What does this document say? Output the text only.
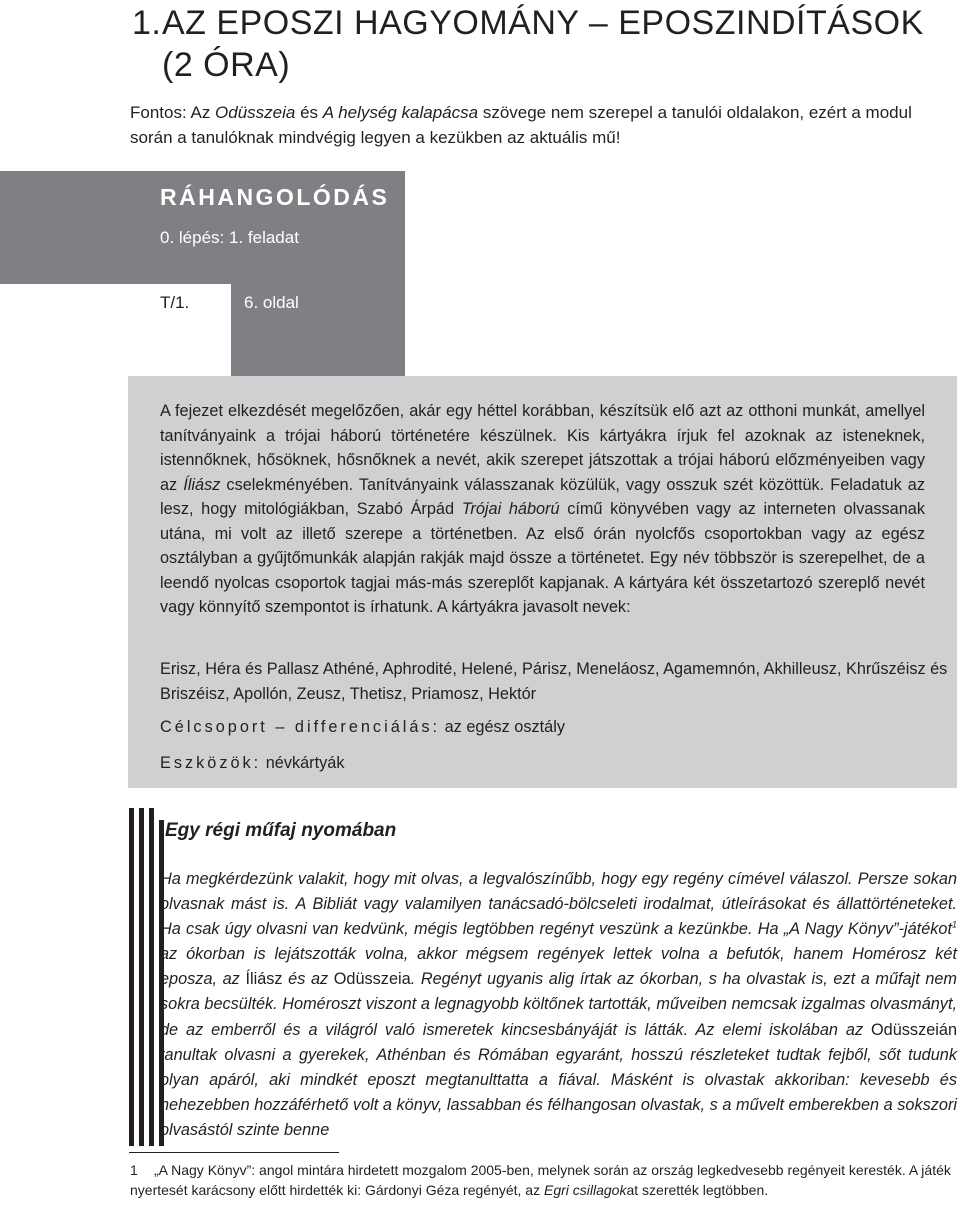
1.AZ EPOSZI HAGYOMÁNY – EPOSZINDÍTÁSOK
(2 ÓRA)

Fontos: Az Odüsszeia és A helység kalapácsa szövege nem szerepel a tanulói oldalakon, ezért a modul során a tanulóknak mindvégig legyen a kezükben az aktuális mű!

RÁHANGOLÓDÁS
0. lépés: 1. feladat
T/1.	6. oldal

A fejezet elkezdését megelőzően, akár egy héttel korábban, készítsük elő azt az otthoni munkát, amellyel tanítványaink a trójai háború történetére készülnek. Kis kártyákra írjuk fel azoknak az isteneknek, istennőknek, hősöknek, hősnőknek a nevét, akik szerepet játszottak a trójai háború előzményeiben vagy az Íliász cselekményében. Tanítványaink válasszanak közülük, vagy osszuk szét közöttük. Feladatuk az lesz, hogy mitológiákban, Szabó Árpád Trójai háború című könyvében vagy az interneten olvassanak utána, mi volt az illető szerepe a történetben. Az első órán nyolcfős csoportokban vagy az egész osztályban a gyűjtőmunkák alapján rakják majd össze a történetet. Egy név többször is szerepelhet, de a leendő nyolcas csoportok tagjai más-más szereplőt kapjanak. A kártyára két összetartozó szereplő nevét vagy könnyítő szempontot is írhatunk. A kártyákra javasolt nevek:

Erisz, Héra és Pallasz Athéné, Aphrodité, Helené, Párisz, Meneláosz, Agamemnón, Akhilleusz, Khrűszéisz és Briszéisz, Apollón, Zeusz, Thetisz, Priamosz, Hektór

Célcsoport – differenciálás: az egész osztály
Eszközök: névkártyák
Egy régi műfaj nyomában

Ha megkérdezünk valakit, hogy mit olvas, a legvalószínűbb, hogy egy regény címével válaszol. Persze sokan olvasnak mást is. A Bibliát vagy valamilyen tanácsadó-bölcseleti irodalmat, útleírásokat és állattörténeteket. Ha csak úgy olvasni van kedvünk, mégis legtöbben regényt veszünk a kezünkbe. Ha „A Nagy Könyv”-játékot$^1$ az ókorban is lejátszották volna, akkor mégsem regények lettek volna a befutók, hanem Homérosz két eposza, az Íliász és az Odüsszeia. Regényt ugyanis alig írtak az ókorban, s ha olvastak is, ezt a műfajt nem sokra becsülték. Homéroszt viszont a legnagyobb költőnek tartották, műveiben nemcsak izgalmas olvasmányt, de az emberről és a világról való ismeretek kincsesbányáját is látták. Az elemi iskolában az Odüsszeián tanultak olvasni a gyerekek, Athénban és Rómában egyaránt, hosszú részleteket tudtak fejből, sőt tudunk olyan apáról, aki mindkét eposzt megtanulttatta a fiával. Másként is olvastak akkoriban: kevesebb és nehezebben hozzáférhető volt a könyv, lassabban és félhangosan olvastak, s a művelt emberekben a sokszori olvasástól szinte benne

1 „A Nagy Könyv”: angol mintára hirdetett mozgalom 2005-ben, melynek során az ország legkedvesebb regényeit keresték. A játék nyertesét karácsony előtt hirdették ki: Gárdonyi Géza regényét, az Egri csillagokat szerették legtöbben.
